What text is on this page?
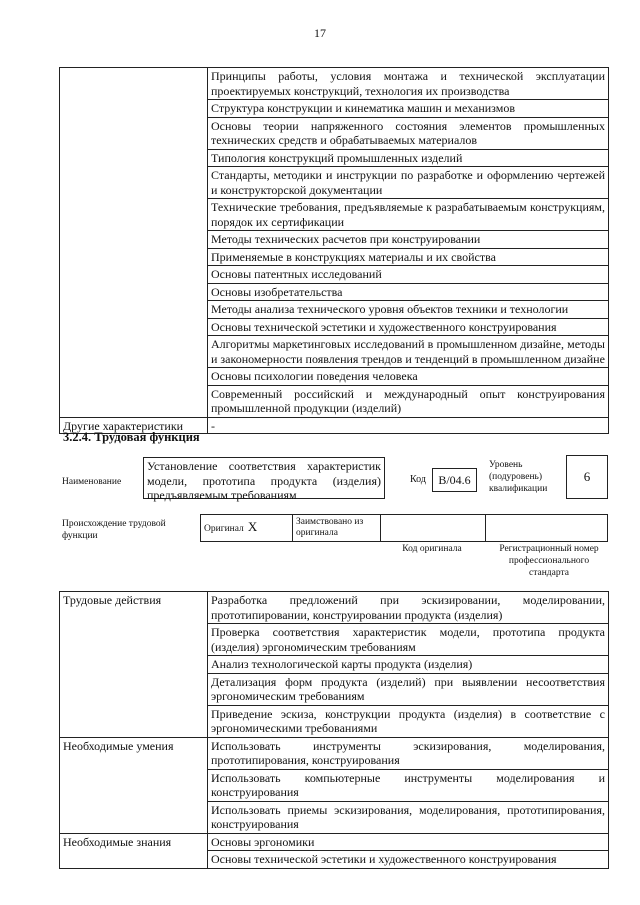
17
	Принципы работы, условия монтажа и технической эксплуатации проектируемых конструкций, технология их производства
	Структура конструкции и кинематика машин и механизмов
	Основы теории напряженного состояния элементов промышленных технических средств и обрабатываемых материалов
	Типология конструкций промышленных изделий
	Стандарты, методики и инструкции по разработке и оформлению чертежей и конструкторской документации
	Технические требования, предъявляемые к разрабатываемым конструкциям, порядок их сертификации
	Методы технических расчетов при конструировании
	Применяемые в конструкциях материалы и их свойства
	Основы патентных исследований
	Основы изобретательства
	Методы анализа технического уровня объектов техники и технологии
	Основы технической эстетики и художественного конструирования
	Алгоритмы маркетинговых исследований в промышленном дизайне, методы и закономерности появления трендов и тенденций в промышленном дизайне
	Основы психологии поведения человека
	Современный российский и международный опыт конструирования промышленной продукции (изделий)
Другие характеристики	-
3.2.4. Трудовая функция
Наименование
Установление соответствия характеристик модели, прототипа продукта (изделия) предъявляемым требованиям
Код	B/04.6
Уровень (подуровень) квалификации
6
Происхождение трудовой функции
Оригинал X	Заимствовано из оригинала		
Код оригинала	Регистрационный номер профессионального стандарта
Трудовые действия	Разработка предложений при эскизировании, моделировании, прототипировании, конструировании продукта (изделия)
	Проверка соответствия характеристик модели, прототипа продукта (изделия) эргономическим требованиям
	Анализ технологической карты продукта (изделия)
	Детализация форм продукта (изделий) при выявлении несоответствия эргономическим требованиям
	Приведение эскиза, конструкции продукта (изделия) в соответствие с эргономическими требованиями
Необходимые умения	Использовать инструменты эскизирования, моделирования, прототипирования, конструирования
	Использовать компьютерные инструменты моделирования и конструирования
	Использовать приемы эскизирования, моделирования, прототипирования, конструирования
Необходимые знания	Основы эргономики
	Основы технической эстетики и художественного конструирования
